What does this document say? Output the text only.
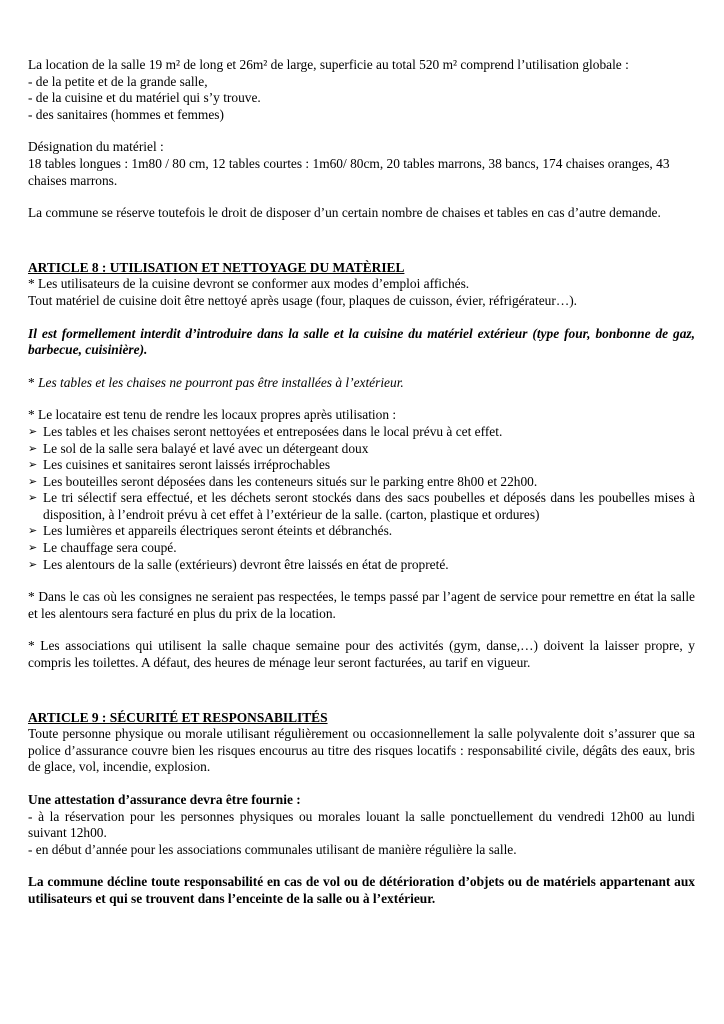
La location de la salle 19 m² de long et 26m² de large, superficie au total 520 m² comprend l’utilisation globale :

- de la petite et de la grande salle,

- de la cuisine et du matériel qui s’y trouve.

- des sanitaires (hommes et femmes)

Désignation du matériel :

18 tables longues : 1m80 / 80 cm, 12 tables courtes : 1m60/ 80cm, 20 tables marrons, 38 bancs, 174 chaises oranges, 43 chaises marrons.

La commune se réserve toutefois le droit de disposer d’un certain nombre de chaises et tables en cas d’autre demande.

ARTICLE 8 : UTILISATION ET NETTOYAGE DU MATÈRIEL

* Les utilisateurs de la cuisine devront se conformer aux modes d’emploi affichés.

Tout matériel de cuisine doit être nettoyé après usage (four, plaques de cuisson, évier, réfrigérateur…).

Il est formellement interdit d’introduire dans la salle et la cuisine du matériel extérieur (type four, bonbonne de gaz, barbecue, cuisinière).

* Les tables et les chaises ne pourront pas être installées à l’extérieur.

* Le locataire est tenu de rendre les locaux propres après utilisation :

➢ Les tables et les chaises seront nettoyées et entreposées dans le local prévu à cet effet.
➢ Le sol de la salle sera balayé et lavé avec un détergeant doux
➢ Les cuisines et sanitaires seront laissés irréprochables
➢ Les bouteilles seront déposées dans les conteneurs situés sur le parking entre 8h00 et 22h00.
➢ Le tri sélectif sera effectué, et les déchets seront stockés dans des sacs poubelles et déposés dans les poubelles mises à disposition, à l’endroit prévu à cet effet à l’extérieur de la salle. (carton, plastique et ordures)
➢ Les lumières et appareils électriques seront éteints et débranchés.
➢ Le chauffage sera coupé.
➢ Les alentours de la salle (extérieurs) devront être laissés en état de propreté.

* Dans le cas où les consignes ne seraient pas respectées, le temps passé par l’agent de service pour remettre en état la salle et les alentours sera facturé en plus du prix de la location.

* Les associations qui utilisent la salle chaque semaine pour des activités (gym, danse,…) doivent la laisser propre, y compris les toilettes. A défaut, des heures de ménage leur seront facturées, au tarif en vigueur.

ARTICLE 9 : SÉCURITÉ ET RESPONSABILITÉS

Toute personne physique ou morale utilisant régulièrement ou occasionnellement la salle polyvalente doit s’assurer que sa police d’assurance couvre bien les risques encourus au titre des risques locatifs : responsabilité civile, dégâts des eaux, bris de glace, vol, incendie, explosion.

Une attestation d’assurance devra être fournie :

- à la réservation pour les personnes physiques ou morales louant la salle ponctuellement du vendredi 12h00 au lundi suivant 12h00.

- en début d’année pour les associations communales utilisant de manière régulière la salle.

La commune décline toute responsabilité en cas de vol ou de détérioration d’objets ou de matériels appartenant aux utilisateurs et qui se trouvent dans l’enceinte de la salle ou à l’extérieur.
